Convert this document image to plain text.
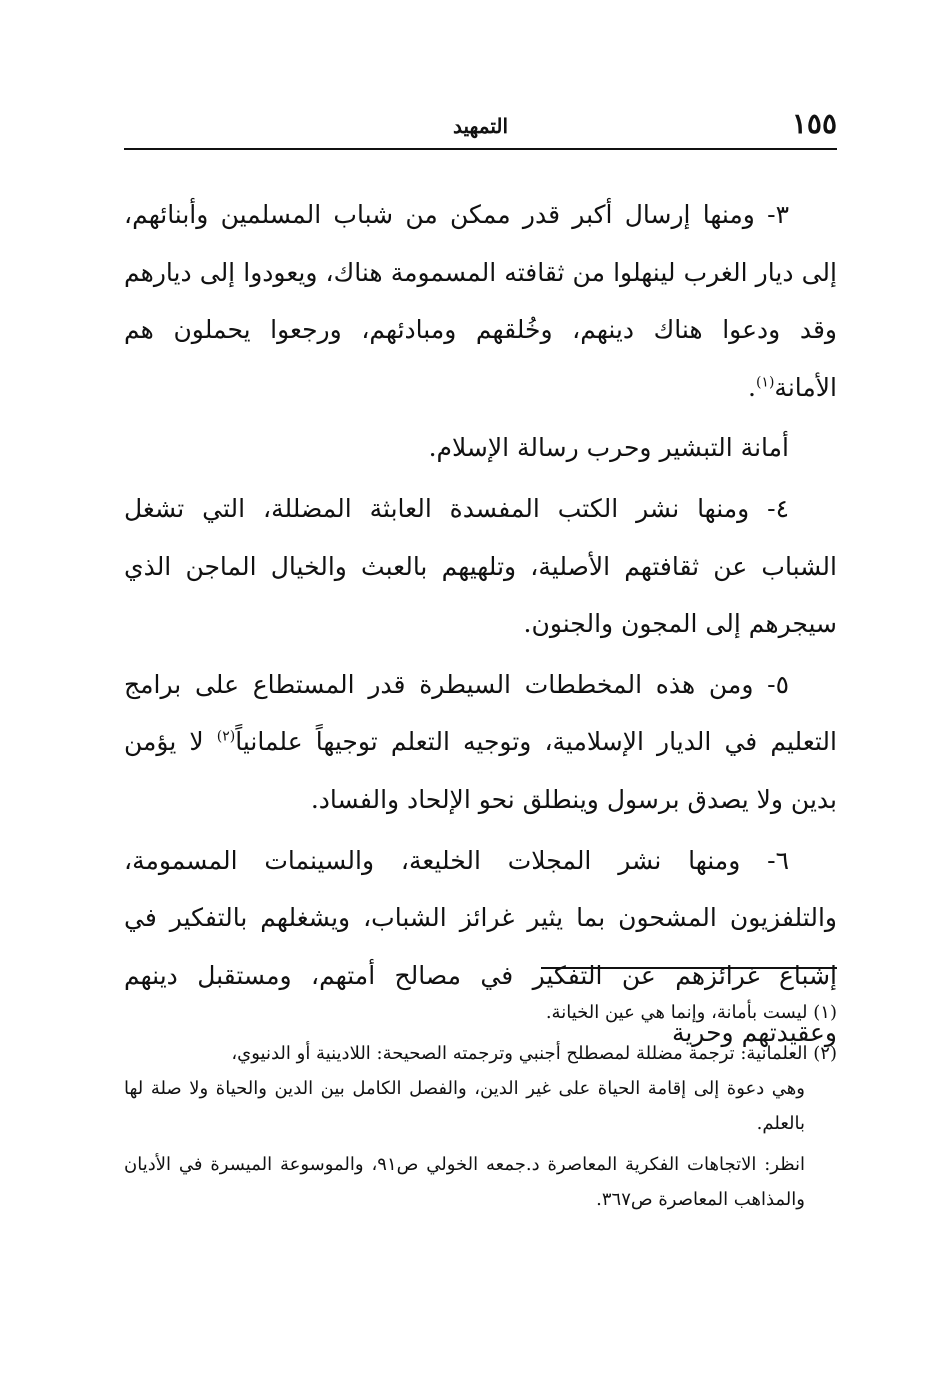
١٥٥
التمهيد

٣- ومنها إرسال أكبر قدر ممكن من شباب المسلمين وأبنائهم، إلى ديار الغرب لينهلوا من ثقافته المسمومة هناك، ويعودوا إلى ديارهم وقد ودعوا هناك دينهم، وخُلقهم ومبادئهم، ورجعوا يحملون هم الأمانة$^{(١)}$.

أمانة التبشير وحرب رسالة الإسلام.

٤- ومنها نشر الكتب المفسدة العابثة المضللة، التي تشغل الشباب عن ثقافتهم الأصلية، وتلهيهم بالعبث والخيال الماجن الذي سيجرهم إلى المجون والجنون.

٥- ومن هذه المخططات السيطرة قدر المستطاع على برامج التعليم في الديار الإسلامية، وتوجيه التعلم توجيهاً علمانياً$^{(٢)}$ لا يؤمن بدين ولا يصدق برسول وينطلق نحو الإلحاد والفساد.

٦- ومنها نشر المجلات الخليعة، والسينمات المسمومة، والتلفزيون المشحون بما يثير غرائز الشباب، ويشغلهم بالتفكير في إشباع غرائزهم عن التفكير في مصالح أمتهم، ومستقبل دينهم وعقيدتهم وحرية

(١) ليست بأمانة، وإنما هي عين الخيانة.

(٢) العلمانية: ترجمة مضللة لمصطلح أجنبي وترجمته الصحيحة: اللادينية أو الدنيوي،

وهي دعوة إلى إقامة الحياة على غير الدين، والفصل الكامل بين الدين والحياة ولا صلة لها بالعلم.

انظر: الاتجاهات الفكرية المعاصرة د.جمعه الخولي ص٩١، والموسوعة الميسرة في الأديان والمذاهب المعاصرة ص٣٦٧.
